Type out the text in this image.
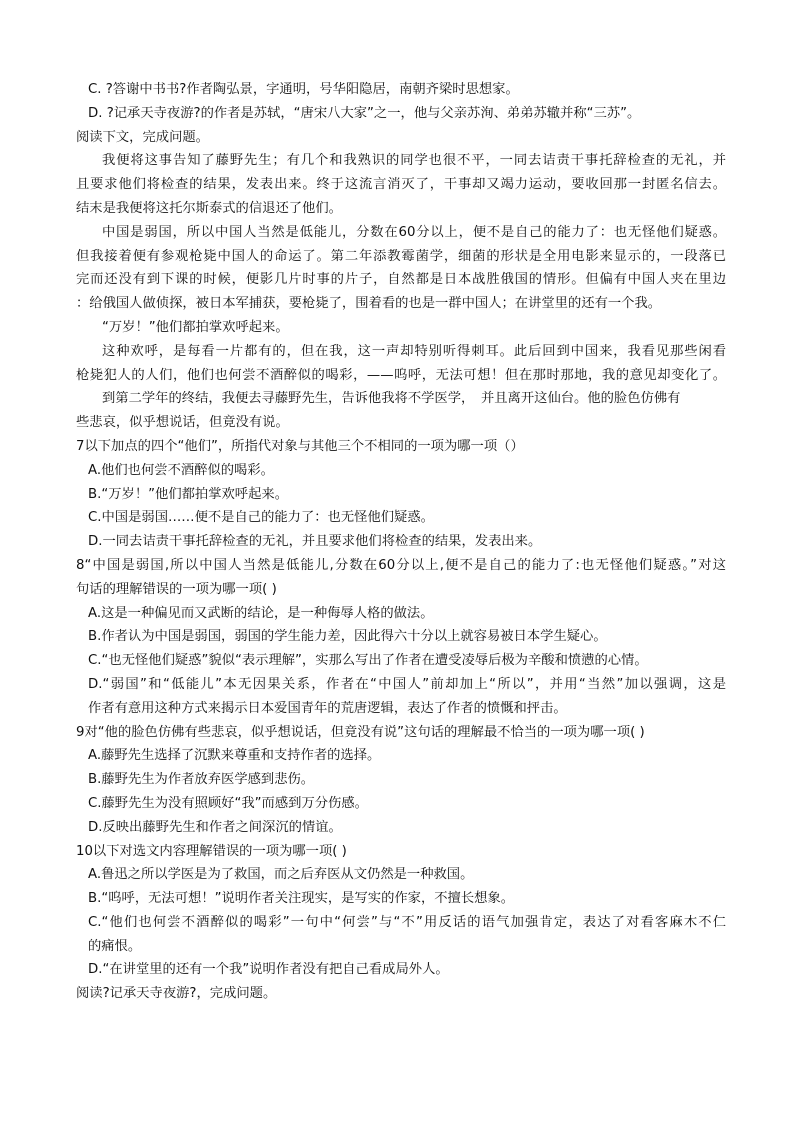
C. ?答谢中书书?作者陶弘景，字通明，号华阳隐居，南朝齐梁时思想家。
D. ?记承天寺夜游?的作者是苏轼，“唐宋八大家”之一，他与父亲苏洵、弟弟苏辙并称“三苏”。
阅读下文，完成问题。
我便将这事告知了藤野先生；有几个和我熟识的同学也很不平，一同去诘责干事托辞检查的无礼，并
且要求他们将检查的结果，发表出来。终于这流言消灭了，干事却又竭力运动，要收回那一封匿名信去。
结末是我便将这托尔斯泰式的信退还了他们。
中国是弱国，所以中国人当然是低能儿，分数在60分以上，便不是自己的能力了：也无怪他们疑惑。
但我接着便有参观枪毙中国人的命运了。第二年添教霉菌学，细菌的形状是全用电影来显示的，一段落已
完而还没有到下课的时候，便影几片时事的片子，自然都是日本战胜俄国的情形。但偏有中国人夹在里边
：给俄国人做侦探，被日本军捕获，要枪毙了，围着看的也是一群中国人；在讲堂里的还有一个我。
“万岁！”他们都拍掌欢呼起来。
这种欢呼，是每看一片都有的，但在我，这一声却特别听得刺耳。此后回到中国来，我看见那些闲看
枪毙犯人的人们，他们也何尝不酒醉似的喝彩，——呜呼，无法可想！但在那时那地，我的意见却变化了。
到第二学年的终结，我便去寻藤野先生，告诉他我将不学医学，　并且离开这仙台。他的脸色仿佛有
些悲哀，似乎想说话，但竟没有说。
7以下加点的四个“他们”，所指代对象与其他三个不相同的一项为哪一项（）
A.他们也何尝不酒醉似的喝彩。
B.“万岁！”他们都拍掌欢呼起来。
C.中国是弱国……便不是自己的能力了：也无怪他们疑惑。
D.一同去诘责干事托辞检查的无礼，并且要求他们将检查的结果，发表出来。
8“中国是弱国,所以中国人当然是低能儿,分数在60分以上,便不是自己的能力了:也无怪他们疑惑。”对这
句话的理解错误的一项为哪一项( )
A.这是一种偏见而又武断的结论，是一种侮辱人格的做法。
B.作者认为中国是弱国，弱国的学生能力差，因此得六十分以上就容易被日本学生疑心。
C.“也无怪他们疑惑”貌似“表示理解”，实那么写出了作者在遭受凌辱后极为辛酸和愤懑的心情。
D.“弱国”和“低能儿”本无因果关系，作者在“中国人”前却加上“所以”，并用“当然”加以强调，这是
作者有意用这种方式来揭示日本爱国青年的荒唐逻辑，表达了作者的愤慨和抨击。
9对“他的脸色仿佛有些悲哀，似乎想说话，但竟没有说”这句话的理解最不恰当的一项为哪一项( )
A.藤野先生选择了沉默来尊重和支持作者的选择。
B.藤野先生为作者放弃医学感到悲伤。
C.藤野先生为没有照顾好“我”而感到万分伤感。
D.反映出藤野先生和作者之间深沉的情谊。
10以下对选文内容理解错误的一项为哪一项( )
A.鲁迅之所以学医是为了救国，而之后弃医从文仍然是一种救国。
B.“呜呼，无法可想！”说明作者关注现实，是写实的作家，不擅长想象。
C.“他们也何尝不酒醉似的喝彩”一句中“何尝”与“不”用反话的语气加强肯定，表达了对看客麻木不仁
的痛恨。
D.“在讲堂里的还有一个我”说明作者没有把自己看成局外人。
阅读?记承天寺夜游?，完成问题。
